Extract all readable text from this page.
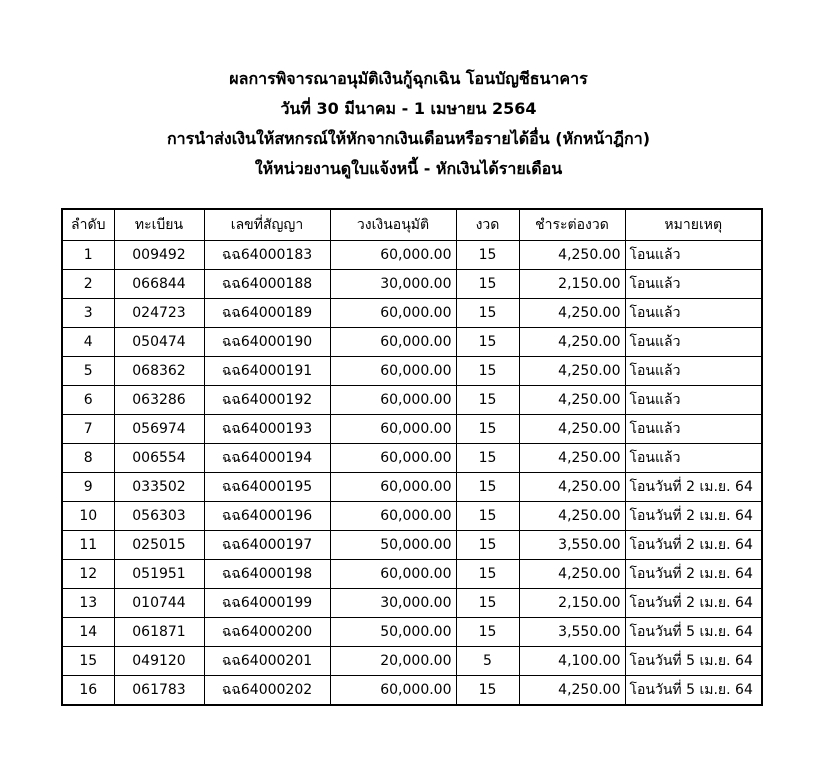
ผลการพิจารณาอนุมัติเงินกู้ฉุกเฉิน โอนบัญชีธนาคาร
วันที่ 30 มีนาคม - 1 เมษายน 2564
การนำส่งเงินให้สหกรณ์ให้หักจากเงินเดือนหรือรายได้อื่น (หักหน้าฎีกา)
ให้หน่วยงานดูใบแจ้งหนี้ - หักเงินได้รายเดือน
ลำดับ	ทะเบียน	เลขที่สัญญา	วงเงินอนุมัติ	งวด	ชำระต่องวด	หมายเหตุ
1	009492	ฉฉ64000183	60,000.00	15	4,250.00	โอนแล้ว
2	066844	ฉฉ64000188	30,000.00	15	2,150.00	โอนแล้ว
3	024723	ฉฉ64000189	60,000.00	15	4,250.00	โอนแล้ว
4	050474	ฉฉ64000190	60,000.00	15	4,250.00	โอนแล้ว
5	068362	ฉฉ64000191	60,000.00	15	4,250.00	โอนแล้ว
6	063286	ฉฉ64000192	60,000.00	15	4,250.00	โอนแล้ว
7	056974	ฉฉ64000193	60,000.00	15	4,250.00	โอนแล้ว
8	006554	ฉฉ64000194	60,000.00	15	4,250.00	โอนแล้ว
9	033502	ฉฉ64000195	60,000.00	15	4,250.00	โอนวันที่ 2 เม.ย. 64
10	056303	ฉฉ64000196	60,000.00	15	4,250.00	โอนวันที่ 2 เม.ย. 64
11	025015	ฉฉ64000197	50,000.00	15	3,550.00	โอนวันที่ 2 เม.ย. 64
12	051951	ฉฉ64000198	60,000.00	15	4,250.00	โอนวันที่ 2 เม.ย. 64
13	010744	ฉฉ64000199	30,000.00	15	2,150.00	โอนวันที่ 2 เม.ย. 64
14	061871	ฉฉ64000200	50,000.00	15	3,550.00	โอนวันที่ 5 เม.ย. 64
15	049120	ฉฉ64000201	20,000.00	5	4,100.00	โอนวันที่ 5 เม.ย. 64
16	061783	ฉฉ64000202	60,000.00	15	4,250.00	โอนวันที่ 5 เม.ย. 64
